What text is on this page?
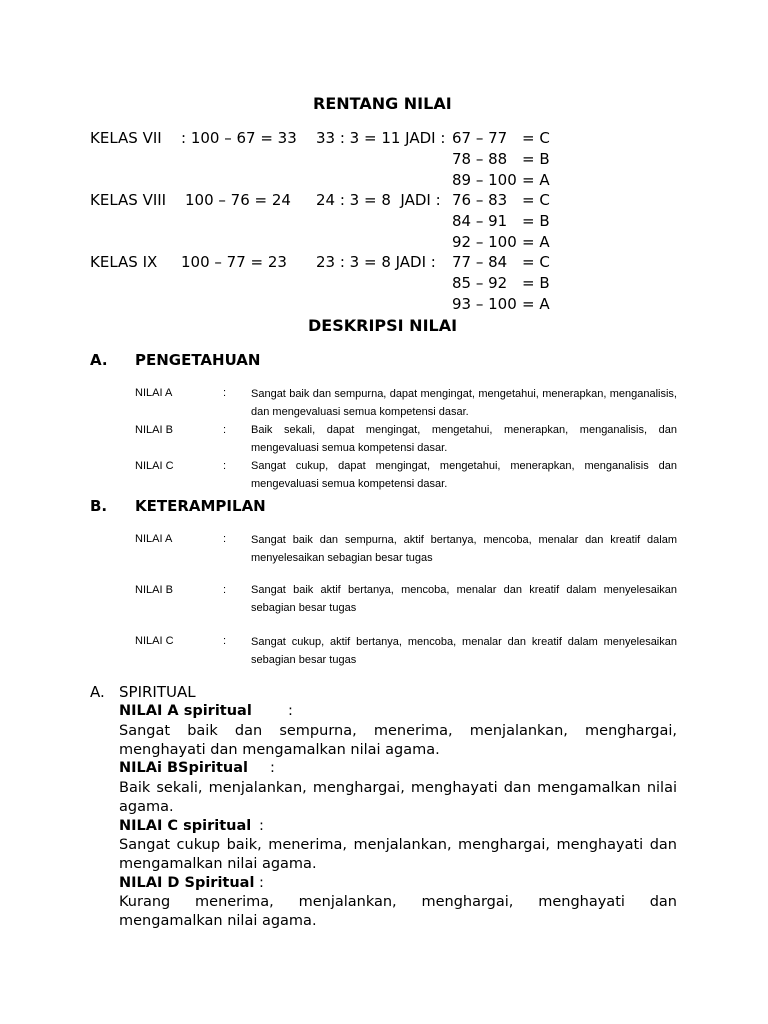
RENTANG NILAI
KELAS VII : 100 – 67 = 33 33 : 3 = 11 JADI : 67 – 77 = C
78 – 88 = B
89 – 100 = A
KELAS VIII 100 – 76 = 24 24 : 3 = 8  JADI : 76 – 83 = C
84 – 91 = B
92 – 100 = A
KELAS IX 100 – 77 = 23 23 : 3 = 8 JADI : 77 – 84 = C
85 – 92 = B
93 – 100 = A
DESKRIPSI NILAI
A. PENGETAHUAN
NILAI A	: Sangat baik dan sempurna, dapat mengingat, mengetahui, menerapkan, menganalisis, dan mengevaluasi semua kompetensi dasar.
NILAI B	: Baik sekali, dapat mengingat, mengetahui, menerapkan, menganalisis, dan mengevaluasi semua kompetensi dasar.
NILAI C	: Sangat cukup, dapat mengingat, mengetahui, menerapkan, menganalisis dan mengevaluasi semua kompetensi dasar.
B. KETERAMPILAN
NILAI A	: Sangat baik dan sempurna, aktif bertanya, mencoba, menalar dan kreatif dalam menyelesaikan sebagian besar tugas
NILAI B	: Sangat baik aktif bertanya, mencoba, menalar dan kreatif dalam menyelesaikan sebagian besar tugas
NILAI C	: Sangat cukup, aktif bertanya, mencoba, menalar dan kreatif dalam menyelesaikan sebagian besar tugas
A. SPIRITUAL
NILAI A spiritual :
Sangat baik dan sempurna, menerima, menjalankan, menghargai, menghayati dan mengamalkan nilai agama.
NILAi BSpiritual :
Baik sekali, menjalankan, menghargai, menghayati dan mengamalkan nilai agama.
NILAI C spiritual :
Sangat cukup baik, menerima, menjalankan, menghargai, menghayati dan mengamalkan nilai agama.
NILAI D Spiritual :
Kurang menerima, menjalankan, menghargai, menghayati dan mengamalkan nilai agama.
